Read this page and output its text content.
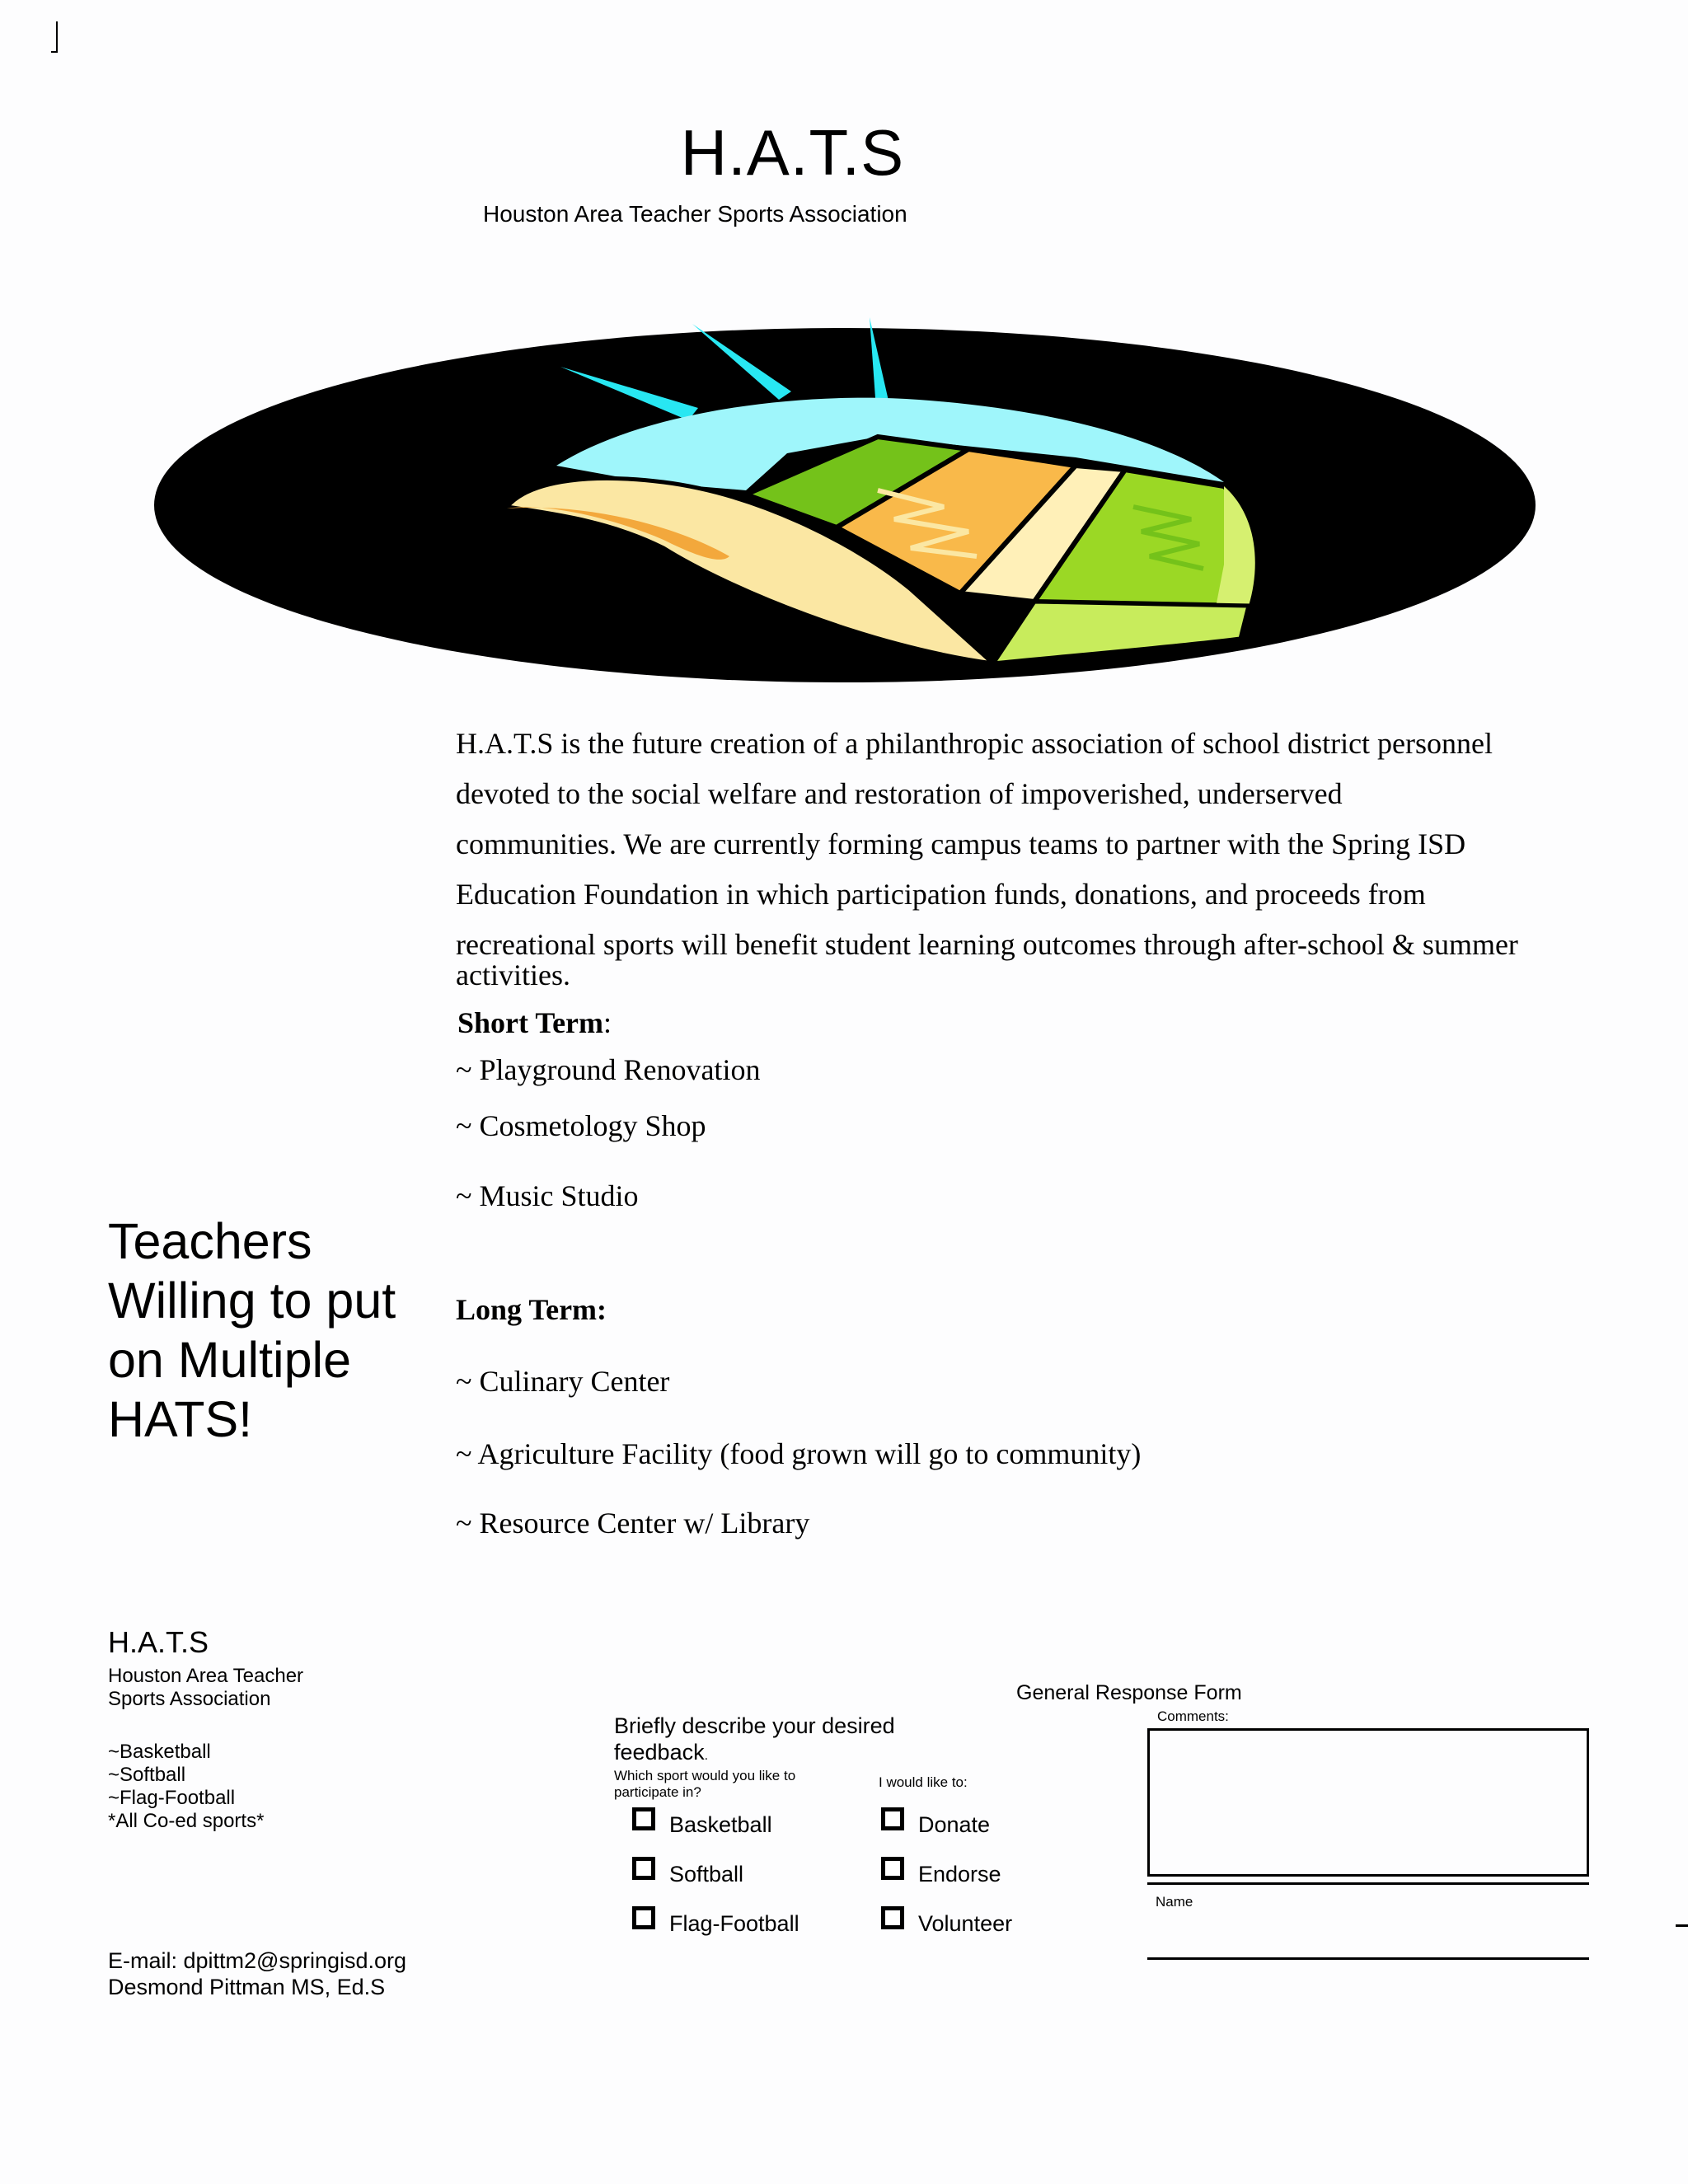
H.A.T.S
Houston Area Teacher Sports Association
H.A.T.S is the future creation of a philanthropic association of school district personnel
devoted to the social welfare and restoration of impoverished, underserved
communities. We are currently forming campus teams to partner with the Spring ISD
Education Foundation in which participation funds, donations, and proceeds from
recreational sports will benefit student learning outcomes through after-school & summer
activities.
Short Term:
~ Playground Renovation
~ Cosmetology Shop
~ Music Studio
Long Term:
~ Culinary Center
~ Agriculture Facility (food grown will go to community)
~ Resource Center w/ Library
Teachers
Willing to put
on Multiple
HATS!
H.A.T.S
Houston Area Teacher
Sports Association
~Basketball
~Softball
~Flag-Football
*All Co-ed sports*
E-mail: dpittm2@springisd.org
Desmond Pittman MS, Ed.S
General Response Form
Comments:
Name
Briefly describe your desired
feedback.
Which sport would you like to
participate in?
I would like to:
Basketball
Softball
Flag-Football
Donate
Endorse
Volunteer
